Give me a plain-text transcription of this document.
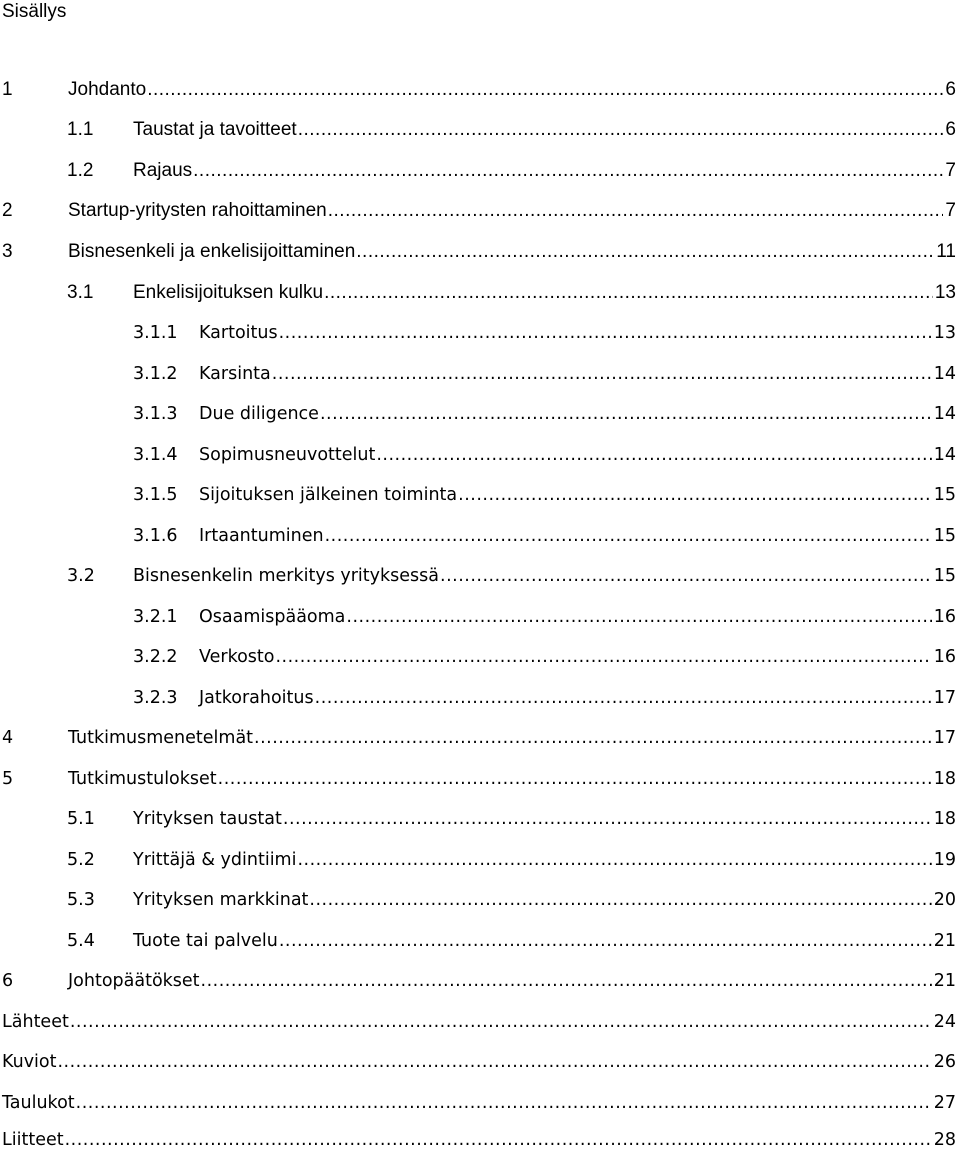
Sisällys
1	Johdanto .....	6
1.1	Taustat ja tavoitteet .....	6
1.2	Rajaus .....	7
2	Startup-yritysten rahoittaminen .....	7
3	Bisnesenkeli ja enkelisijoittaminen .....	11
3.1	Enkelisijoituksen kulku .....	13
3.1.1	Kartoitus .....	13
3.1.2	Karsinta .....	14
3.1.3	Due diligence .....	14
3.1.4	Sopimusneuvottelut .....	14
3.1.5	Sijoituksen jälkeinen toiminta .....	15
3.1.6	Irtaantuminen .....	15
3.2	Bisnesenkelin merkitys yrityksessä .....	15
3.2.1	Osaamispääoma .....	16
3.2.2	Verkosto .....	16
3.2.3	Jatkorahoitus .....	17
4	Tutkimusmenetelmät .....	17
5	Tutkimustulokset .....	18
5.1	Yrityksen taustat .....	18
5.2	Yrittäjä & ydintiimi .....	19
5.3	Yrityksen markkinat .....	20
5.4	Tuote tai palvelu .....	21
6	Johtopäätökset .....	21
Lähteet .....	24
Kuviot .....	26
Taulukot .....	27
Liitteet .....	28
